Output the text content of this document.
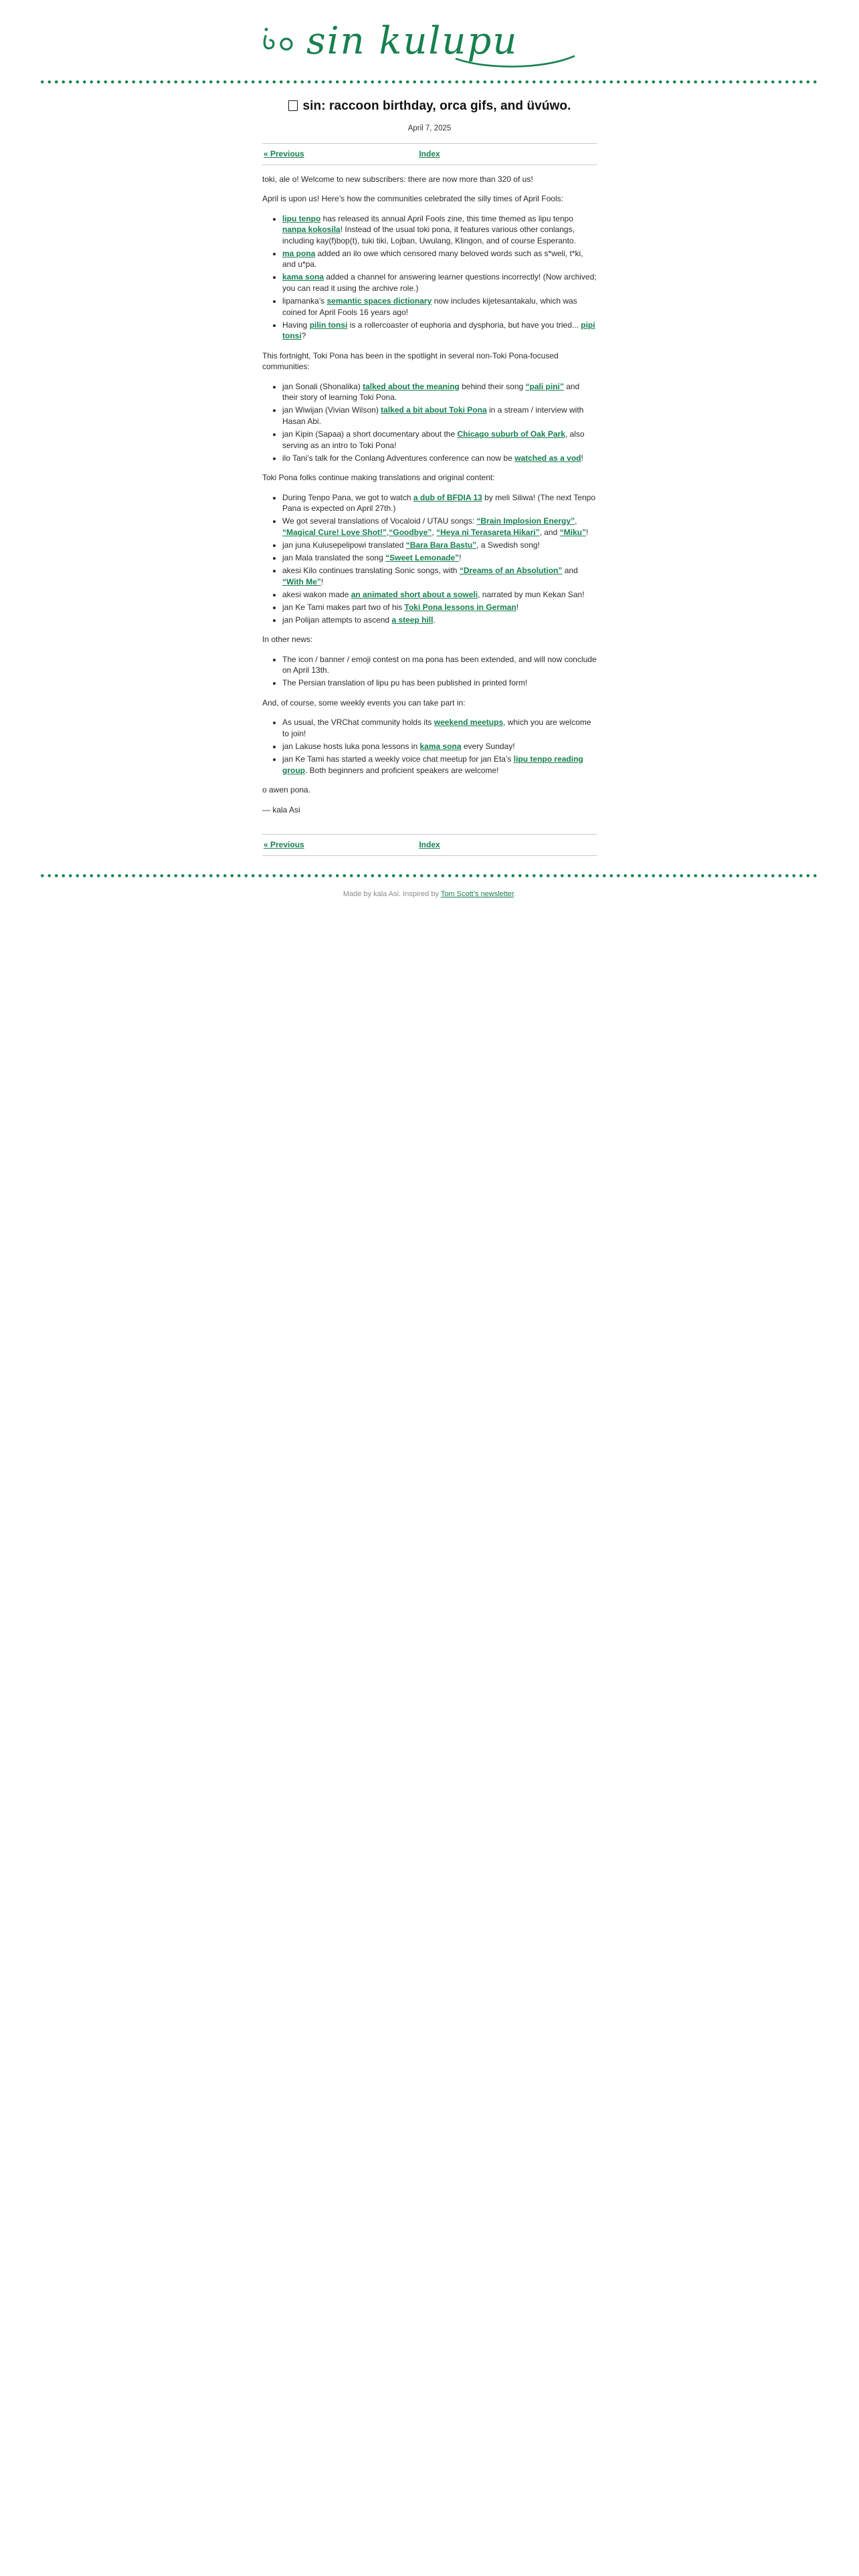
sin kulupu
sin: raccoon birthday, orca gifs, and üvúwo.

April 7, 2025

« Previous	Index

toki, ale o! Welcome to new subscribers: there are now more than 320 of us!

April is upon us! Here’s how the communities celebrated the silly times of April Fools:

• lipu tenpo has released its annual April Fools zine, this time themed as lipu tenpo nanpa kokosila! Instead of the usual toki pona, it features various other conlangs, including kay(f)bop(t), tuki tiki, Lojban, Uwulang, Klingon, and of course Esperanto.
• ma pona added an ilo owe which censored many beloved words such as s*weli, t*ki, and u*pa.
• kama sona added a channel for answering learner questions incorrectly! (Now archived; you can read it using the archive role.)
• lipamanka’s semantic spaces dictionary now includes kijetesantakalu, which was coined for April Fools 16 years ago!
• Having pilin tonsi is a rollercoaster of euphoria and dysphoria, but have you tried... pipi tonsi?

This fortnight, Toki Pona has been in the spotlight in several non-Toki Pona-focused communities:

• jan Sonali (Shonalika) talked about the meaning behind their song “pali pini” and their story of learning Toki Pona.
• jan Wiwijan (Vivian Wilson) talked a bit about Toki Pona in a stream / interview with Hasan Abi.
• jan Kipin (Sapaa) a short documentary about the Chicago suburb of Oak Park, also serving as an intro to Toki Pona!
• ilo Tani’s talk for the Conlang Adventures conference can now be watched as a vod!

Toki Pona folks continue making translations and original content:

• During Tenpo Pana, we got to watch a dub of BFDIA 13 by meli Siliwa! (The next Tenpo Pana is expected on April 27th.)
• We got several translations of Vocaloid / UTAU songs: “Brain Implosion Energy”, “Magical Cure! Love Shot!”,“Goodbye”, “Heya ni Terasareta Hikari”, and “Miku”!
• jan juna Kulusepelipowi translated “Bara Bara Bastu”, a Swedish song!
• jan Mala translated the song “Sweet Lemonade”!
• akesi Kilo continues translating Sonic songs, with “Dreams of an Absolution” and “With Me”!
• akesi wakon made an animated short about a soweli, narrated by mun Kekan San!
• jan Ke Tami makes part two of his Toki Pona lessons in German!
• jan Polijan attempts to ascend a steep hill.

In other news:

• The icon / banner / emoji contest on ma pona has been extended, and will now conclude on April 13th.
• The Persian translation of lipu pu has been published in printed form!

And, of course, some weekly events you can take part in:

• As usual, the VRChat community holds its weekend meetups, which you are welcome to join!
• jan Lakuse hosts luka pona lessons in kama sona every Sunday!
• jan Ke Tami has started a weekly voice chat meetup for jan Eta’s lipu tenpo reading group. Both beginners and proficient speakers are welcome!

o awen pona.

— kala Asi

« Previous	Index
Made by kala Asi. Inspired by Tom Scott’s newsletter.
